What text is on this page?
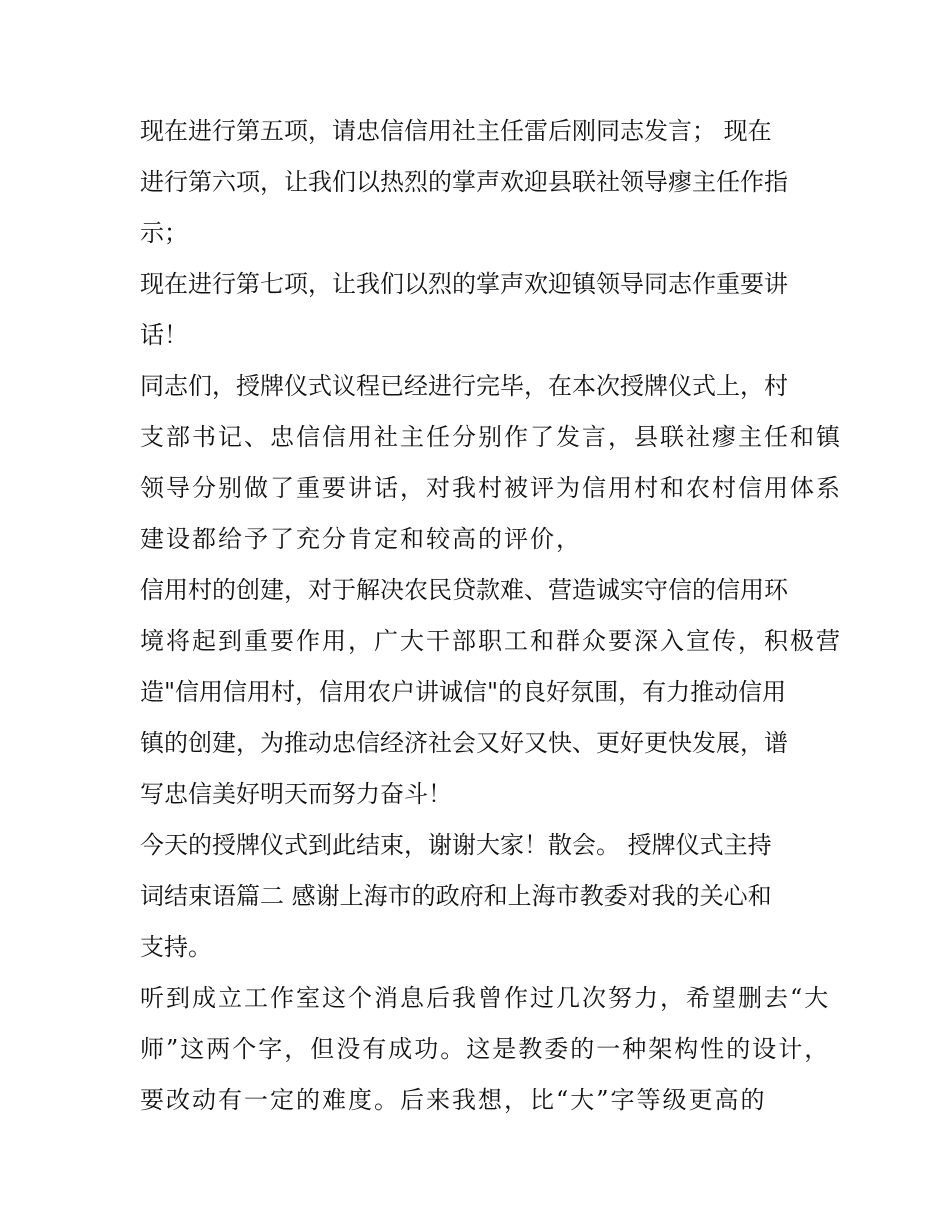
现在进行第五项，请忠信信用社主任雷后刚同志发言； 现在
进行第六项，让我们以热烈的掌声欢迎县联社领导瘳主任作指
示；

现在进行第七项，让我们以烈的掌声欢迎镇领导同志作重要讲
话！

同志们，授牌仪式议程已经进行完毕，在本次授牌仪式上，村
支部书记、忠信信用社主任分别作了发言，县联社瘳主任和镇
领导分别做了重要讲话，对我村被评为信用村和农村信用体系
建设都给予了充分肯定和较高的评价，

信用村的创建，对于解决农民贷款难、营造诚实守信的信用环
境将起到重要作用，广大干部职工和群众要深入宣传，积极营
造"信用信用村，信用农户讲诚信"的良好氛围，有力推动信用
镇的创建，为推动忠信经济社会又好又快、更好更快发展，谱
写忠信美好明天而努力奋斗！

今天的授牌仪式到此结束，谢谢大家！散会。 授牌仪式主持
词结束语篇二 感谢上海市的政府和上海市教委对我的关心和
支持。

听到成立工作室这个消息后我曾作过几次努力，希望删去“大
师”这两个字，但没有成功。这是教委的一种架构性的设计，
要改动有一定的难度。后来我想，比“大”字等级更高的
